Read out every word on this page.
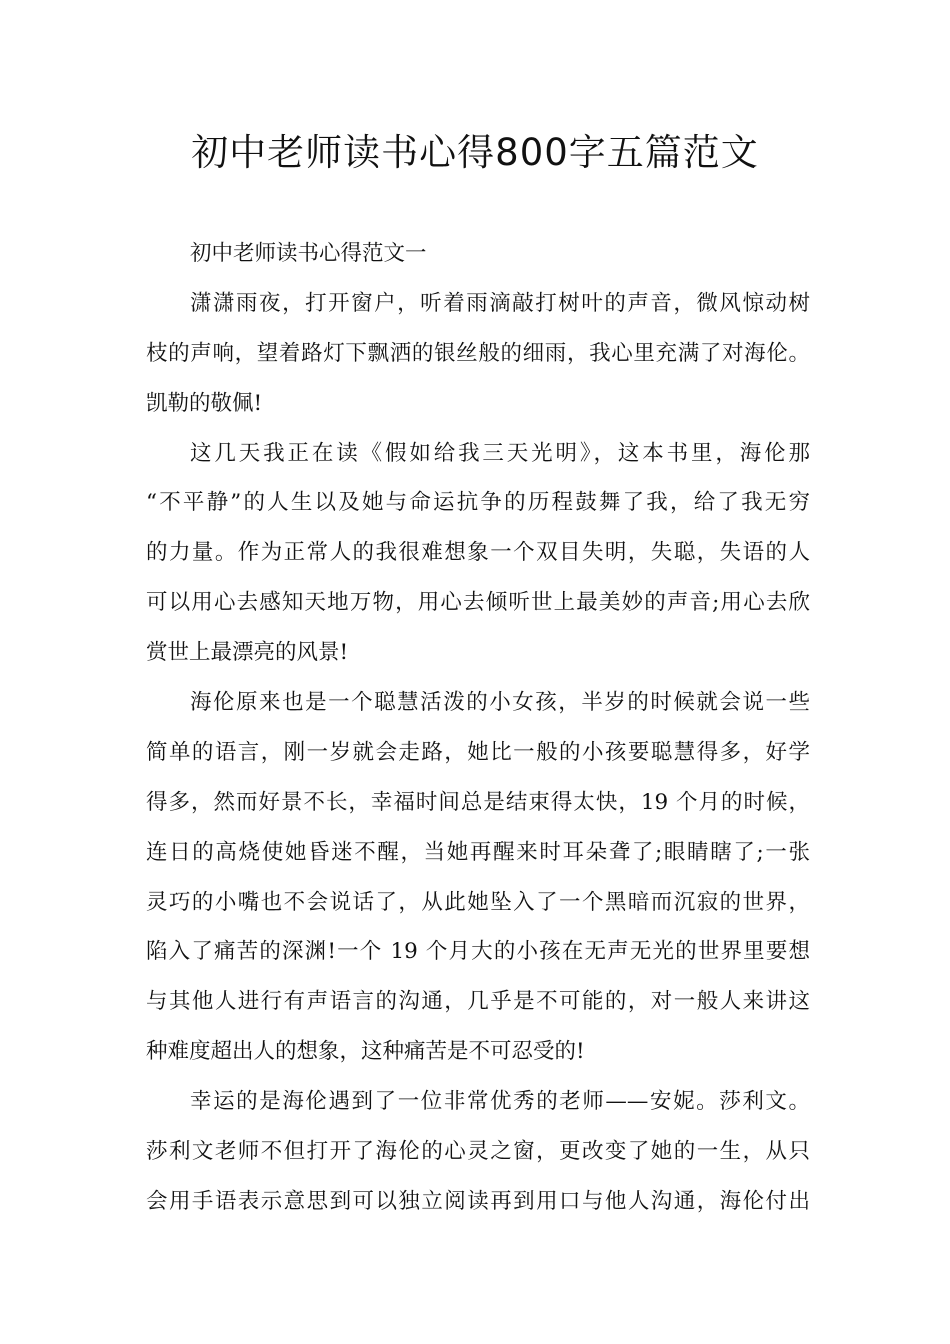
初中老师读书心得800字五篇范文
初中老师读书心得范文一
潇潇雨夜，打开窗户，听着雨滴敲打树叶的声音，微风惊动树
枝的声响，望着路灯下飘洒的银丝般的细雨，我心里充满了对海伦。
凯勒的敬佩!
这几天我正在读《假如给我三天光明》，这本书里，海伦那
“不平静”的人生以及她与命运抗争的历程鼓舞了我，给了我无穷
的力量。作为正常人的我很难想象一个双目失明，失聪，失语的人
可以用心去感知天地万物，用心去倾听世上最美妙的声音;用心去欣
赏世上最漂亮的风景!
海伦原来也是一个聪慧活泼的小女孩，半岁的时候就会说一些
简单的语言，刚一岁就会走路，她比一般的小孩要聪慧得多，好学
得多，然而好景不长，幸福时间总是结束得太快，19 个月的时候，
连日的高烧使她昏迷不醒，当她再醒来时耳朵聋了;眼睛瞎了;一张
灵巧的小嘴也不会说话了，从此她坠入了一个黑暗而沉寂的世界，
陷入了痛苦的深渊!一个 19 个月大的小孩在无声无光的世界里要想
与其他人进行有声语言的沟通，几乎是不可能的，对一般人来讲这
种难度超出人的想象，这种痛苦是不可忍受的!
幸运的是海伦遇到了一位非常优秀的老师——安妮。莎利文。
莎利文老师不但打开了海伦的心灵之窗，更改变了她的一生，从只
会用手语表示意思到可以独立阅读再到用口与他人沟通，海伦付出
